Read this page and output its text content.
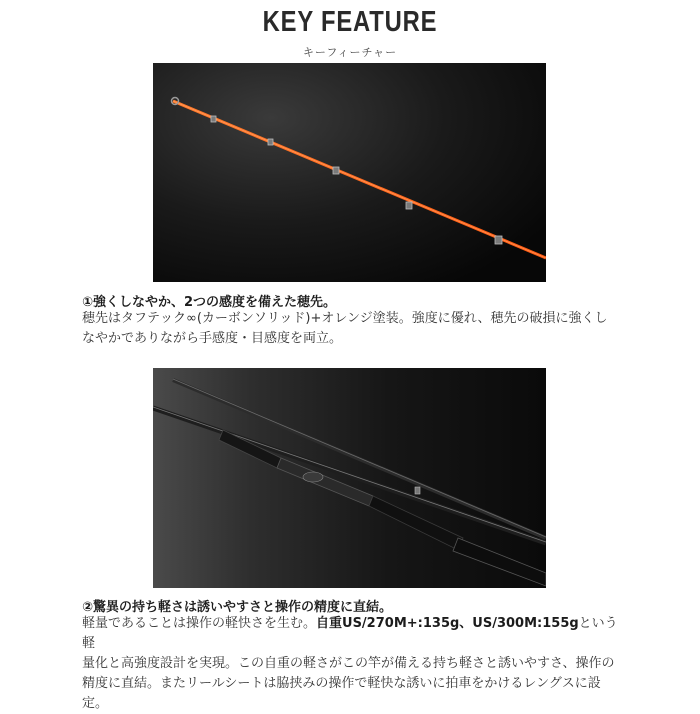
KEY FEATURE
キーフィーチャー
①強くしなやか、2つの感度を備えた穂先。
穂先はタフテック∞(カーボンソリッド)+オレンジ塗装。強度に優れ、穂先の破損に強くし
なやかでありながら手感度・目感度を両立。
②驚異の持ち軽さは誘いやすさと操作の精度に直結。
軽量であることは操作の軽快さを生む。自重US/270M+:135g、US/300M:155gという軽
量化と高強度設計を実現。この自重の軽さがこの竿が備える持ち軽さと誘いやすさ、操作の
精度に直結。またリールシートは脇挟みの操作で軽快な誘いに拍車をかけるレングスに設
定。
